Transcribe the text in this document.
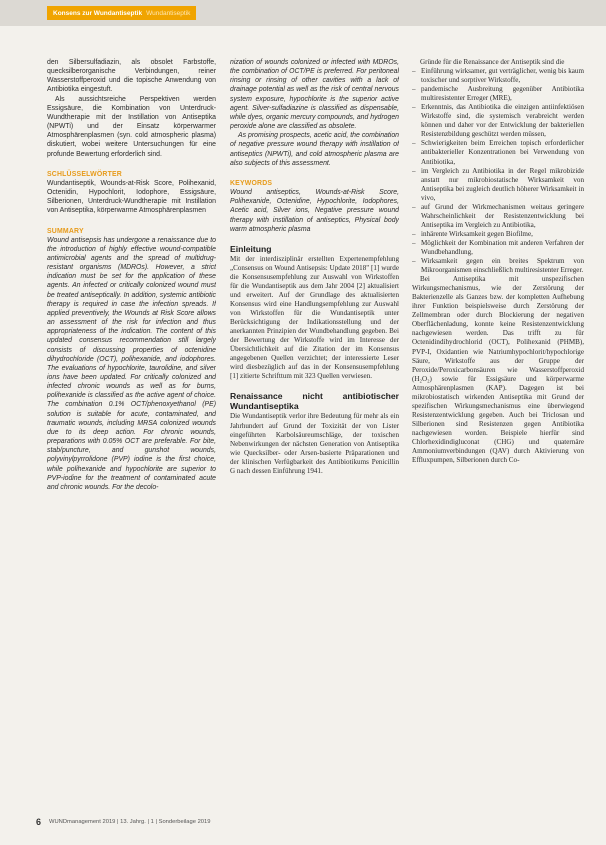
Konsens zur Wundantiseptik Wundantiseptik

den Silbersulfadiazin, als obsolet Farbstoffe, quecksilberorganische Verbindungen, reiner Wasserstoffperoxid und die topische Anwendung von Antibiotika eingestuft.

Als aussichtsreiche Perspektiven werden Essigsäure, die Kombination von Unterdruck-Wundtherapie mit der Instillation von Antiseptika (NPWTi) und der Einsatz körperwarmer Atmosphärenplasmen (syn. cold atmospheric plasma) diskutiert, wobei weitere Untersuchungen für eine profunde Bewertung erforderlich sind.

SCHLÜSSELWÖRTER

Wundantiseptik, Wounds-at-Risk Score, Polihexanid, Octenidin, Hypochlorit, Iodophore, Essigsäure, Silberionen, Unterdruck-Wundtherapie mit Instillation von Antiseptika, körperwarme Atmosphärenplasmen

SUMMARY

Wound antisepsis has undergone a renaissance due to the introduction of highly effective wound-compatible antimicrobial agents and the spread of multidrug-resistant organisms (MDROs). However, a strict indication must be set for the application of these agents. An infected or critically colonized wound must be treated antiseptically. In addition, systemic antibiotic therapy is required in case the infection spreads. If applied preventively, the Wounds at Risk Score allows an assessment of the risk for infection and thus appropriateness of the indication. The content of this updated consensus recommendation still largely consists of discussing properties of octenidine dihydrochloride (OCT), polihexanide, and iodophores. The evaluations of hypochlorite, taurolidine, and silver ions have been updated. For critically colonized and infected chronic wounds as well as for burns, polihexanide is classified as the active agent of choice. The combination 0.1% OCT/phenoxyethanol (PE) solution is suitable for acute, contaminated, and traumatic wounds, including MRSA colonized wounds due to its deep action. For chronic wounds, preparations with 0.05% OCT are preferable. For bite, stab/puncture, and gunshot wounds, polyvinylpyrrolidone (PVP) iodine is the first choice, while polihexanide and hypochlorite are superior to PVP-iodine for the treatment of contaminated acute and chronic wounds. For the decolo-

nization of wounds colonized or infected with MDROs, the combination of OCT/PE is preferred. For peritoneal rinsing or rinsing of other cavities with a lack of drainage potential as well as the risk of central nervous system exposure, hypochlorite is the superior active agent. Silver-sulfadiazine is classified as dispensable, while dyes, organic mercury compounds, and hydrogen peroxide alone are classified as obsolete.

As promising prospects, acetic acid, the combination of negative pressure wound therapy with instillation of antiseptics (NPWTi), and cold atmospheric plasma are also subjects of this assessment.

KEYWORDS

Wound antiseptics, Wounds-at-Risk Score, Polihexanide, Octenidine, Hypochlorite, Iodophores, Acetic acid, Silver ions, Negative pressure wound therapy with instillation of antiseptics, Physical body warm atmospheric plasma

Einleitung

Mit der interdisziplinär erstellten Expertenempfehlung „Consensus on Wound Antisepsis: Update 2018" [1] wurde die Konsensusempfehlung zur Auswahl von Wirkstoffen für die Wundantiseptik aus dem Jahr 2004 [2] aktualisiert und erweitert. Auf der Grundlage des aktualisierten Konsensus wird eine Handlungsempfehlung zur Auswahl von Wirkstoffen für die Wundantiseptik unter Berücksichtigung der Indikationsstellung und der anerkannten Prinzipien der Wundbehandlung gegeben. Bei der Bewertung der Wirkstoffe wird im Interesse der Übersichtlichkeit auf die Zitation der im Konsensus angegebenen Quellen verzichtet; der interessierte Leser wird diesbezüglich auf das in der Konsensusempfehlung [1] zitierte Schrifttum mit 323 Quellen verwiesen.

Renaissance nicht antibiotischer Wundantiseptika

Die Wundantiseptik verlor ihre Bedeutung für mehr als ein Jahrhundert auf Grund der Toxizität der von Lister eingeführten Karbolsäureumschläge, der toxischen Nebenwirkungen der nächsten Generation von Antiseptika wie Quecksilber- oder Arsen-basierte Präparationen und der klinischen Verfügbarkeit des Antibiotikums Penicillin G nach dessen Einführung 1941.

Gründe für die Renaissance der Antiseptik sind die

– Einführung wirksamer, gut verträglicher, wenig bis kaum toxischer und sorptiver Wirkstoffe,
– pandemische Ausbreitung gegenüber Antibiotika multiresistenter Erreger (MRE),
– Erkenntnis, das Antibiotika die einzigen antiinfektiösen Wirkstoffe sind, die systemisch verabreicht werden können und daher vor der Entwicklung der bakteriellen Resistenzbildung geschützt werden müssen,
– Schwierigkeiten beim Erreichen topisch erforderlicher antibakterieller Konzentrationen bei Verwendung von Antibiotika,
– im Vergleich zu Antibiotika in der Regel mikrobizide anstatt nur mikrobiostatische Wirksamkeit von Antiseptika bei zugleich deutlich höherer Wirksamkeit in vivo,
– auf Grund der Wirkmechanismen weitaus geringere Wahrscheinlichkeit der Resistenzentwicklung bei Antiseptika im Vergleich zu Antibiotika,
– inhärente Wirksamkeit gegen Biofilme,
– Möglichkeit der Kombination mit anderen Verfahren der Wundbehandlung,
– Wirksamkeit gegen ein breites Spektrum von Mikroorganismen einschließlich multiresistenter Erreger.

Bei Antiseptika mit unspezifischen Wirkungsmechanismus, wie der Zerstörung der Bakterienzelle als Ganzes bzw. der kompletten Aufhebung ihrer Funktion beispielsweise durch Zerstörung der Zellmembran oder durch Blockierung der negativen Oberflächenladung, konnte keine Resistenzentwicklung nachgewiesen werden. Das trifft zu für Octenidindihydrochlorid (OCT), Polihexanid (PHMB), PVP-I, Oxidantien wie Natriumhypochlorit/hypochlorige Säure, Wirkstoffe aus der Gruppe der Peroxide/Peroxicarbonsäuren wie Wasserstoffperoxid (H₂O₂) sowie für Essigsäure und körperwarme Atmosphärenplasmen (KAP). Dagegen ist bei mikrobiostatisch wirkenden Antiseptika mit Grund der spezifischen Wirkungsmechanismus eine überwiegend Resistenzentwicklung gegeben. Auch bei Triclosan und Silberionen sind Resistenzen gegen Antibiotika nachgewiesen worden. Beispiele hierfür sind Chlorhexidindigluconat (CHG) und quaternäre Ammoniumverbindungen (QAV) durch Aktivierung von Effluxpumpen, Silberionen durch Co-

6 WUNDmanagement 2019 | 13. Jahrg. | 1 | Sonderbeilage 2019
